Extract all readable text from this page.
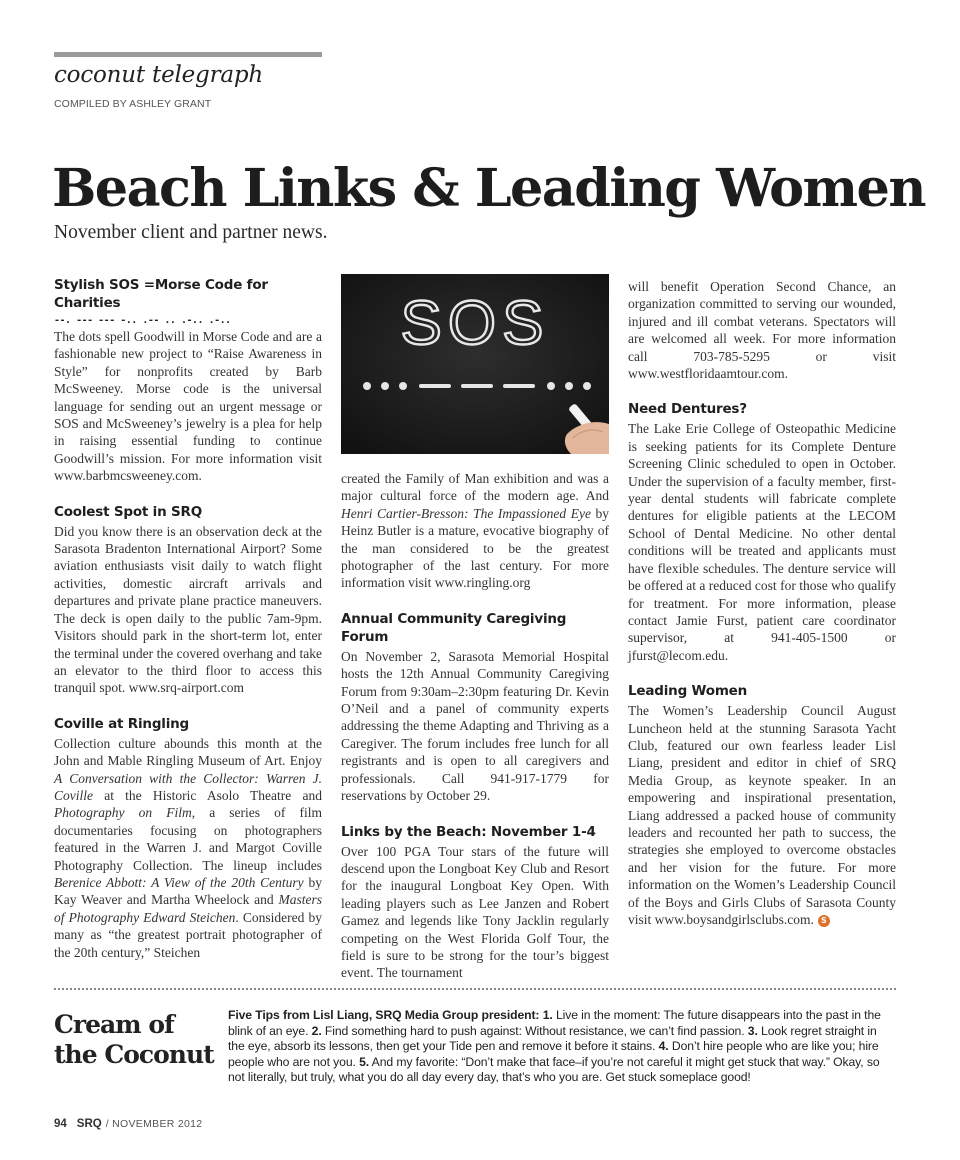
coconut telegraph
COMPILED BY ASHLEY GRANT
Beach Links & Leading Women
November client and partner news.
Stylish SOS =Morse Code for Charities
--. --- --- -.. .-- .. .-.. .-..

The dots spell Goodwill in Morse Code and are a fashionable new project to “Raise Awareness in Style” for nonprofits created by Barb McSweeney. Morse code is the universal language for sending out an urgent message or SOS and McSweeney’s jewelry is a plea for help in raising essential funding to continue Goodwill’s mission. For more information visit www.barbmcsweeney.com.

Coolest Spot in SRQ

Did you know there is an observation deck at the Sarasota Bradenton International Airport? Some aviation enthusiasts visit daily to watch flight activities, domestic aircraft arrivals and departures and private plane practice maneuvers. The deck is open daily to the public 7am-9pm. Visitors should park in the short-term lot, enter the terminal under the covered overhang and take an elevator to the third floor to access this tranquil spot. www.srq-airport.com

Coville at Ringling

Collection culture abounds this month at the John and Mable Ringling Museum of Art. Enjoy A Conversation with the Collector: Warren J. Coville at the Historic Asolo Theatre and Photography on Film, a series of film documentaries focusing on photographers featured in the Warren J. and Margot Coville Photography Collection. The lineup includes Berenice Abbott: A View of the 20th Century by Kay Weaver and Martha Wheelock and Masters of Photography Edward Steichen. Considered by many as “the greatest portrait photographer of the 20th century,” Steichen

SOS

created the Family of Man exhibition and was a major cultural force of the modern age. And Henri Cartier-Bresson: The Impassioned Eye by Heinz Butler is a mature, evocative biography of the man considered to be the greatest photographer of the last century. For more information visit www.ringling.org

Annual Community Caregiving Forum

On November 2, Sarasota Memorial Hospital hosts the 12th Annual Community Caregiving Forum from 9:30am–2:30pm featuring Dr. Kevin O’Neil and a panel of community experts addressing the theme Adapting and Thriving as a Caregiver. The forum includes free lunch for all registrants and is open to all caregivers and professionals. Call 941-917-1779 for reservations by October 29.

Links by the Beach: November 1-4

Over 100 PGA Tour stars of the future will descend upon the Longboat Key Club and Resort for the inaugural Longboat Key Open. With leading players such as Lee Janzen and Robert Gamez and legends like Tony Jacklin regularly competing on the West Florida Golf Tour, the field is sure to be strong for the tour’s biggest event. The tournament

will benefit Operation Second Chance, an organization committed to serving our wounded, injured and ill combat veterans. Spectators will are welcomed all week. For more information call 703-785-5295 or visit www.westfloridaamtour.com.

Need Dentures?

The Lake Erie College of Osteopathic Medicine is seeking patients for its Complete Denture Screening Clinic scheduled to open in October. Under the supervision of a faculty member, first-year dental students will fabricate complete dentures for eligible patients at the LECOM School of Dental Medicine. No other dental conditions will be treated and applicants must have flexible schedules. The denture service will be offered at a reduced cost for those who qualify for treatment. For more information, please contact Jamie Furst, patient care coordinator supervisor, at 941-405-1500 or jfurst@lecom.edu.

Leading Women

The Women’s Leadership Council August Luncheon held at the stunning Sarasota Yacht Club, featured our own fearless leader Lisl Liang, president and editor in chief of SRQ Media Group, as keynote speaker. In an empowering and inspirational presentation, Liang addressed a packed house of community leaders and recounted her path to success, the strategies she employed to overcome obstacles and her vision for the future. For more information on the Women’s Leadership Council of the Boys and Girls Clubs of Sarasota County visit www.boysandgirlsclubs.com. S

Cream of
the Coconut
Five Tips from Lisl Liang, SRQ Media Group president: 1. Live in the moment: The future disappears into the past in the blink of an eye. 2. Find something hard to push against: Without resistance, we can’t find passion. 3. Look regret straight in the eye, absorb its lessons, then get your Tide pen and remove it before it stains. 4. Don’t hire people who are like you; hire people who are not you. 5. And my favorite: “Don’t make that face–if you’re not careful it might get stuck that way.” Okay, so not literally, but truly, what you do all day every day, that’s who you are. Get stuck someplace good!
94 SRQ / NOVEMBER 2012
